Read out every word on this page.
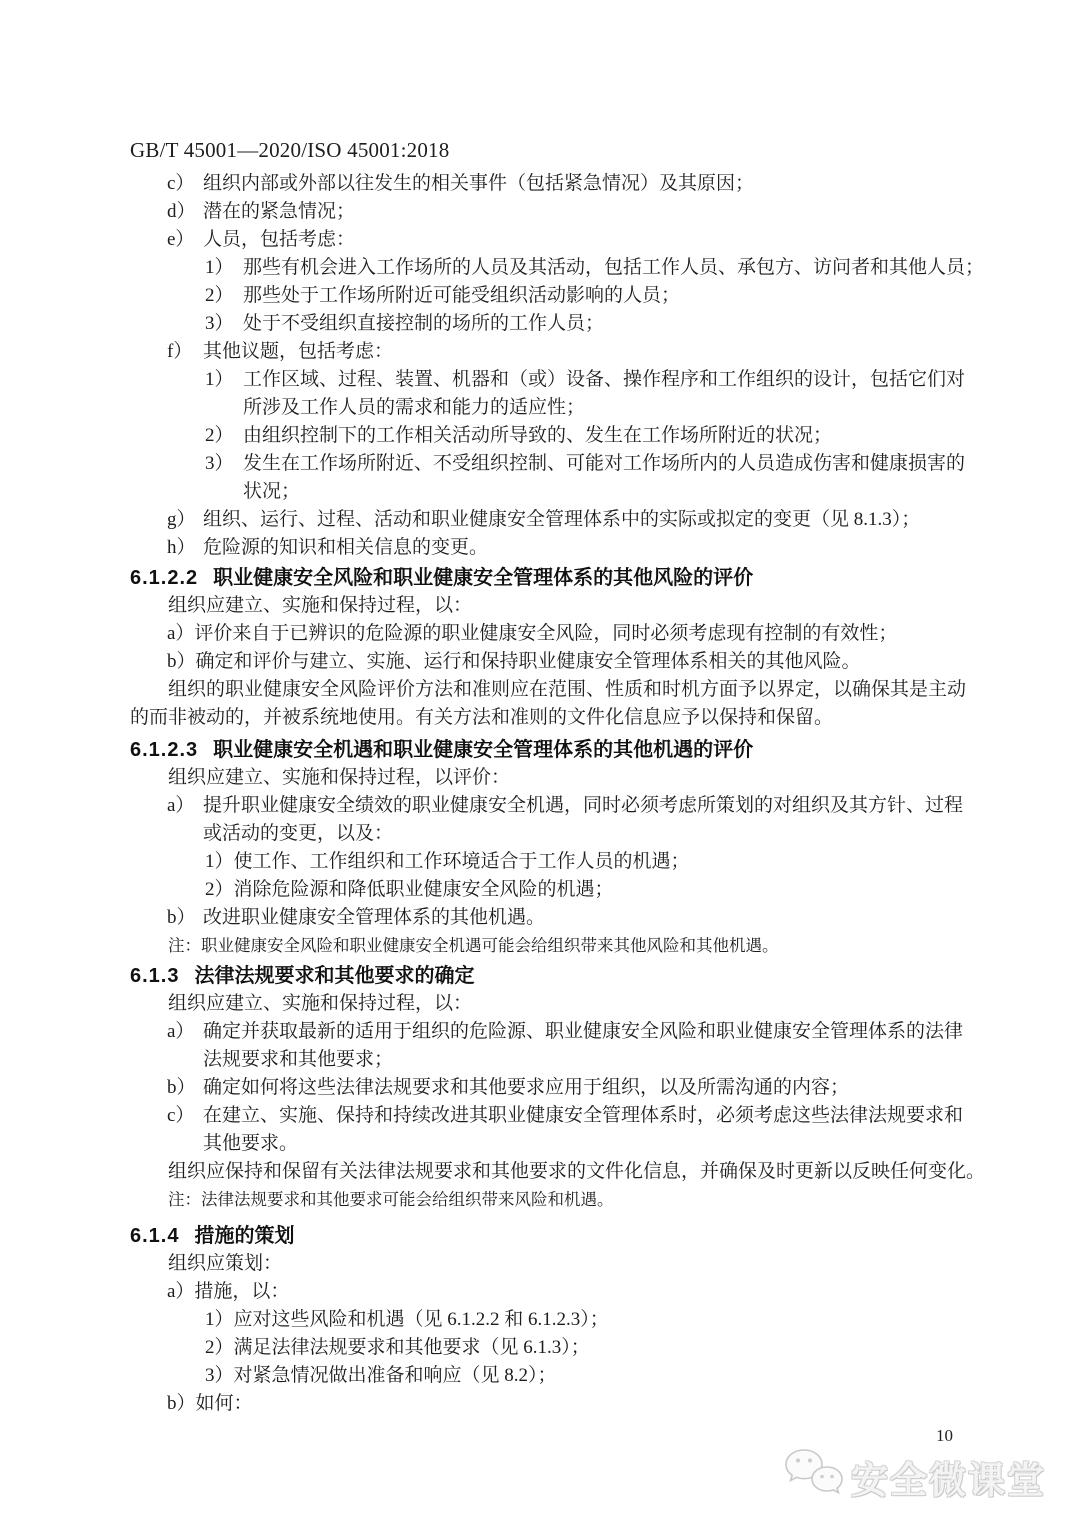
GB/T 45001—2020/ISO 45001:2018
c） 组织内部或外部以往发生的相关事件（包括紧急情况）及其原因；
d） 潜在的紧急情况；
e） 人员，包括考虑：
1） 那些有机会进入工作场所的人员及其活动，包括工作人员、承包方、访问者和其他人员；
2） 那些处于工作场所附近可能受组织活动影响的人员；
3） 处于不受组织直接控制的场所的工作人员；
f） 其他议题，包括考虑：
1） 工作区域、过程、装置、机器和（或）设备、操作程序和工作组织的设计，包括它们对
所涉及工作人员的需求和能力的适应性；
2） 由组织控制下的工作相关活动所导致的、发生在工作场所附近的状况；
3） 发生在工作场所附近、不受组织控制、可能对工作场所内的人员造成伤害和健康损害的
状况；
g） 组织、运行、过程、活动和职业健康安全管理体系中的实际或拟定的变更（见 8.1.3）；
h） 危险源的知识和相关信息的变更。
6.1.2.2 职业健康安全风险和职业健康安全管理体系的其他风险的评价
组织应建立、实施和保持过程，以：
a）评价来自于已辨识的危险源的职业健康安全风险，同时必须考虑现有控制的有效性；
b）确定和评价与建立、实施、运行和保持职业健康安全管理体系相关的其他风险。
组织的职业健康安全风险评价方法和准则应在范围、性质和时机方面予以界定，以确保其是主动
的而非被动的，并被系统地使用。有关方法和准则的文件化信息应予以保持和保留。
6.1.2.3 职业健康安全机遇和职业健康安全管理体系的其他机遇的评价
组织应建立、实施和保持过程，以评价：
a） 提升职业健康安全绩效的职业健康安全机遇，同时必须考虑所策划的对组织及其方针、过程
或活动的变更，以及：
1）使工作、工作组织和工作环境适合于工作人员的机遇；
2）消除危险源和降低职业健康安全风险的机遇；
b） 改进职业健康安全管理体系的其他机遇。
注：职业健康安全风险和职业健康安全机遇可能会给组织带来其他风险和其他机遇。
6.1.3 法律法规要求和其他要求的确定
组织应建立、实施和保持过程，以：
a） 确定并获取最新的适用于组织的危险源、职业健康安全风险和职业健康安全管理体系的法律
法规要求和其他要求；
b） 确定如何将这些法律法规要求和其他要求应用于组织，以及所需沟通的内容；
c） 在建立、实施、保持和持续改进其职业健康安全管理体系时，必须考虑这些法律法规要求和
其他要求。
组织应保持和保留有关法律法规要求和其他要求的文件化信息，并确保及时更新以反映任何变化。
注：法律法规要求和其他要求可能会给组织带来风险和机遇。
6.1.4 措施的策划
组织应策划：
a）措施，以：
1）应对这些风险和机遇（见 6.1.2.2 和 6.1.2.3）；
2）满足法律法规要求和其他要求（见 6.1.3）；
3）对紧急情况做出准备和响应（见 8.2）；
b）如何：
10
安全微课堂
